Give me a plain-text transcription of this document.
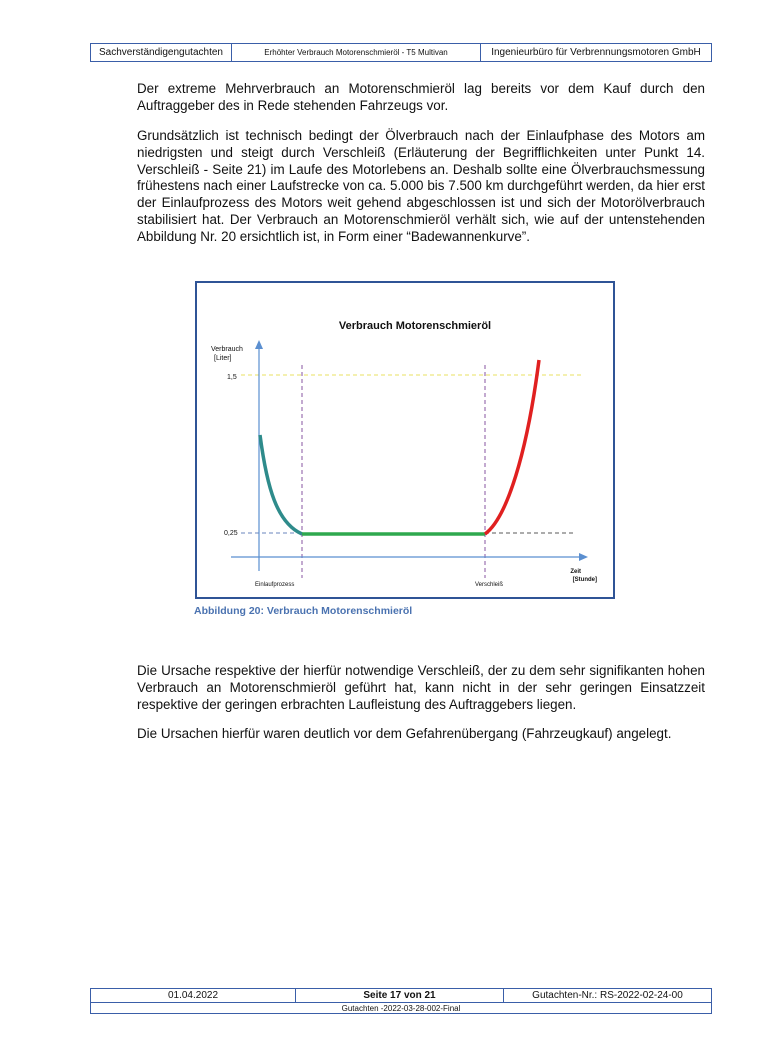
Sachverständigengutachten	Erhöhter Verbrauch Motorenschmieröl - T5 Multivan	Ingenieurbüro für Verbrennungsmotoren GmbH
Der extreme Mehrverbrauch an Motorenschmieröl lag bereits vor dem Kauf durch den Auftraggeber des in Rede stehenden Fahrzeugs vor.
Grundsätzlich ist technisch bedingt der Ölverbrauch nach der Einlaufphase des Motors am niedrigsten und steigt durch Verschleiß (Erläuterung der Begrifflichkeiten unter Punkt 14. Verschleiß - Seite 21) im Laufe des Motorlebens an. Deshalb sollte eine Ölverbrauchsmessung frühestens nach einer Laufstrecke von ca. 5.000 bis 7.500 km durchgeführt werden, da hier erst der Einlaufprozess des Motors weit gehend abgeschlossen ist und sich der Motorölverbrauch stabilisiert hat. Der Verbrauch an Motorenschmieröl verhält sich, wie auf der untenstehenden Abbildung Nr. 20 ersichtlich ist, in Form einer “Badewannenkurve”.
Verbrauch Motorenschmieröl
Verbrauch
[Liter]
1,5
0,25
Einlaufprozess	Verschleiß
Zeit
[Stunde]
Abbildung 20: Verbrauch Motorenschmieröl
Die Ursache respektive der hierfür notwendige Verschleiß, der zu dem sehr signifikanten hohen Verbrauch an Motorenschmieröl geführt hat, kann nicht in der sehr geringen Einsatzzeit respektive der geringen erbrachten Laufleistung des Auftraggebers liegen.
Die Ursachen hierfür waren deutlich vor dem Gefahrenübergang (Fahrzeugkauf) angelegt.
01.04.2022	Seite 17 von 21	Gutachten-Nr.: RS-2022-02-24-00
Gutachten -2022-03-28-002-Final
